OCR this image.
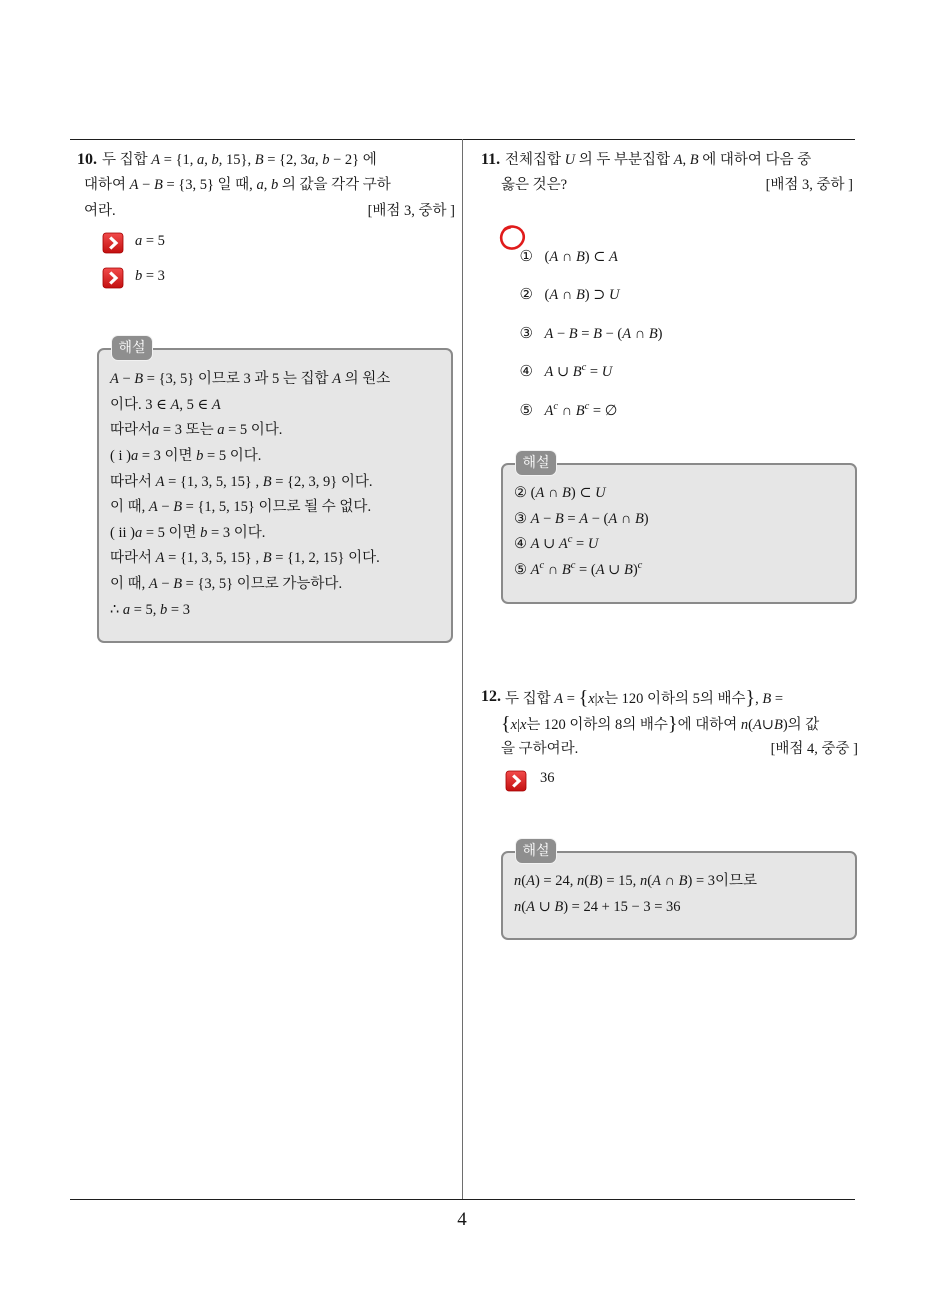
4
10. 두 집합 A = {1, a, b, 15}, B = {2, 3a, b − 2} 에
대하여 A − B = {3, 5} 일 때, a, b 의 값을 각각 구하
여라.	[배점 3, 중하 ]
a = 5
b = 3
A − B = {3, 5} 이므로 3 과 5 는 집합 A 의 원소
이다. 3 ∈ A, 5 ∈ A
따라서a = 3 또는 a = 5 이다.
( i )a = 3 이면 b = 5 이다.
따라서 A = {1, 3, 5, 15} , B = {2, 3, 9} 이다.
이 때, A − B = {1, 5, 15} 이므로 될 수 없다.
( ii )a = 5 이면 b = 3 이다.
따라서 A = {1, 3, 5, 15} , B = {1, 2, 15} 이다.
이 때, A − B = {3, 5} 이므로 가능하다.
∴ a = 5, b = 3
해설
11. 전체집합 U 의 두 부분집합 A, B 에 대하여 다음 중
옳은 것은?	[배점 3, 중하 ]

① (A ∩ B) ⊂ A

② (A ∩ B) ⊃ U

③ A − B = B − (A ∩ B)

④ A ∪ $B^c = U$

⑤ $A^c$ ∩ $B^c$ = ∅

② (A ∩ B) ⊂ U
③ A − B = A − (A ∩ B)
④ A ∪ $A^c = U$
⑤ $A^c$ ∩ $B^c = (A$ ∪ B)$^c$
해설
12. 두 집합 A = {x|x는 120 이하의 5의 배수}, B =
{x|x는 120 이하의 8의 배수}에 대하여 n(A∪B)의 값
을 구하여라.	[배점 4, 중중 ]
36
n(A) = 24, n(B) = 15, n(A ∩ B) = 3이므로
n(A ∪ B) = 24 + 15 − 3 = 36
해설
